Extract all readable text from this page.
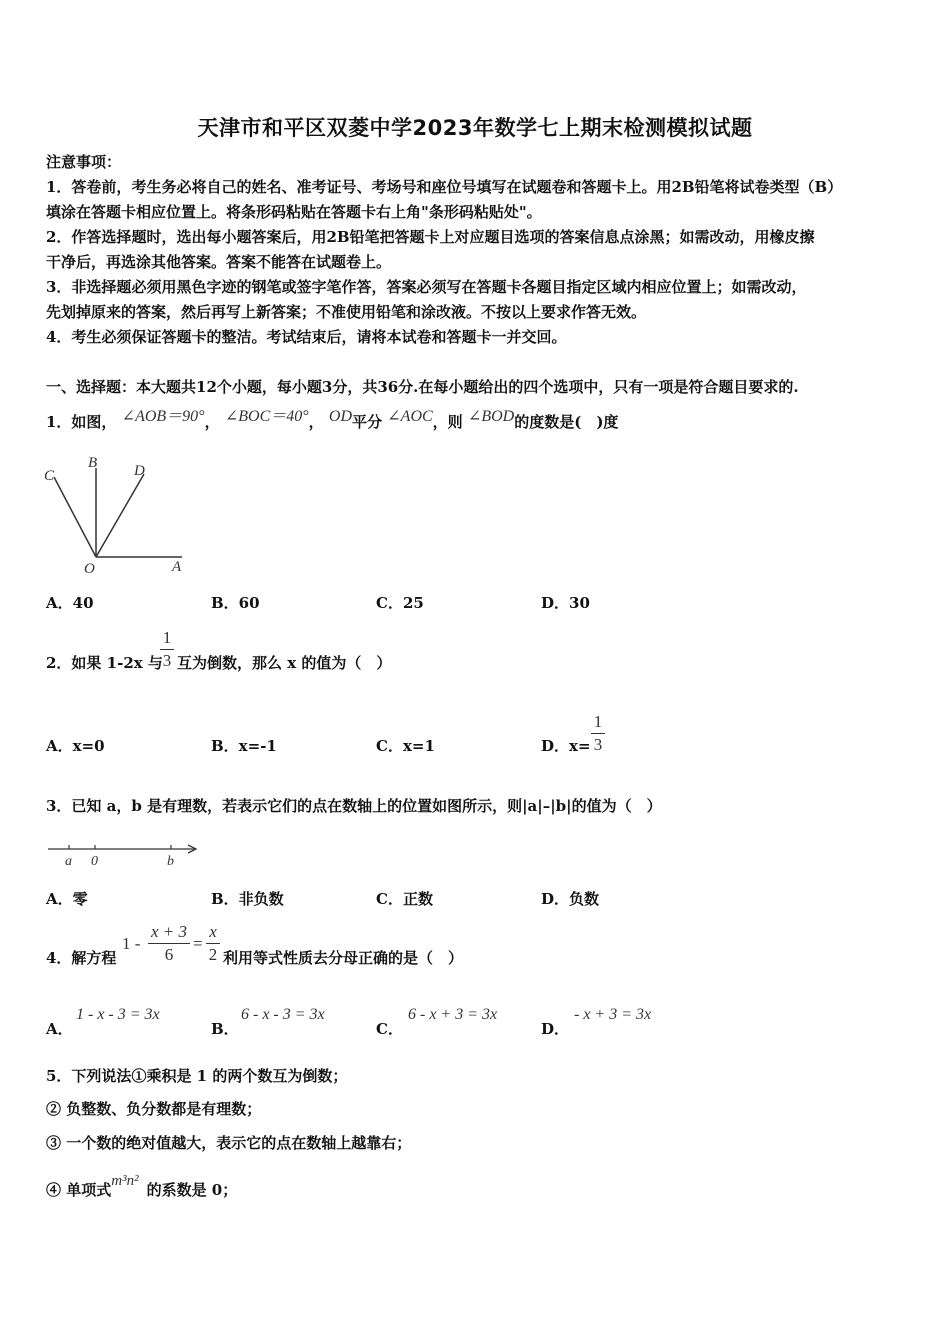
天津市和平区双菱中学2023年数学七上期末检测模拟试题
注意事项：
1．答卷前，考生务必将自己的姓名、准考证号、考场号和座位号填写在试题卷和答题卡上。用2B铅笔将试卷类型（B）
填涂在答题卡相应位置上。将条形码粘贴在答题卡右上角"条形码粘贴处"。
2．作答选择题时，选出每小题答案后，用2B铅笔把答题卡上对应题目选项的答案信息点涂黑；如需改动，用橡皮擦
干净后，再选涂其他答案。答案不能答在试题卷上。
3．非选择题必须用黑色字迹的钢笔或签字笔作答，答案必须写在答题卡各题目指定区域内相应位置上；如需改动，
先划掉原来的答案，然后再写上新答案；不准使用铅笔和涂改液。不按以上要求作答无效。
4．考生必须保证答题卡的整洁。考试结束后，请将本试卷和答题卡一并交回。
一、选择题：本大题共12个小题，每小题3分，共36分.在每小题给出的四个选项中，只有一项是符合题目要求的.
1．如图， ∠AOB＝90°， ∠BOC＝40°， OD平分 ∠AOC，则 ∠BOD的度数是(　)度
C
B D
O	A
A．40	B．60	C．25	D．30
2．如果 1-2x 与
1
3 互为倒数，那么 x 的值为（　）
A．x=0	B．x=-1	C．x=1	D．x=
1
3
3．已知 a，b 是有理数，若表示它们的点在数轴上的位置如图所示，则|a|–|b|的值为（　）
a 0	b
A．零	B．非负数	C．正数	D．负数
4．解方程
1 -
x + 3
6
=
x
2 利用等式性质去分母正确的是（　）
A．
1 - x - 3 = 3x
B．
6 - x - 3 = 3x
C．
6 - x + 3 = 3x
D．
- x + 3 = 3x
5．下列说法①乘积是 1 的两个数互为倒数；
② 负整数、负分数都是有理数；
③ 一个数的绝对值越大，表示它的点在数轴上越靠右；
④ 单项式m³n² 的系数是 0；
